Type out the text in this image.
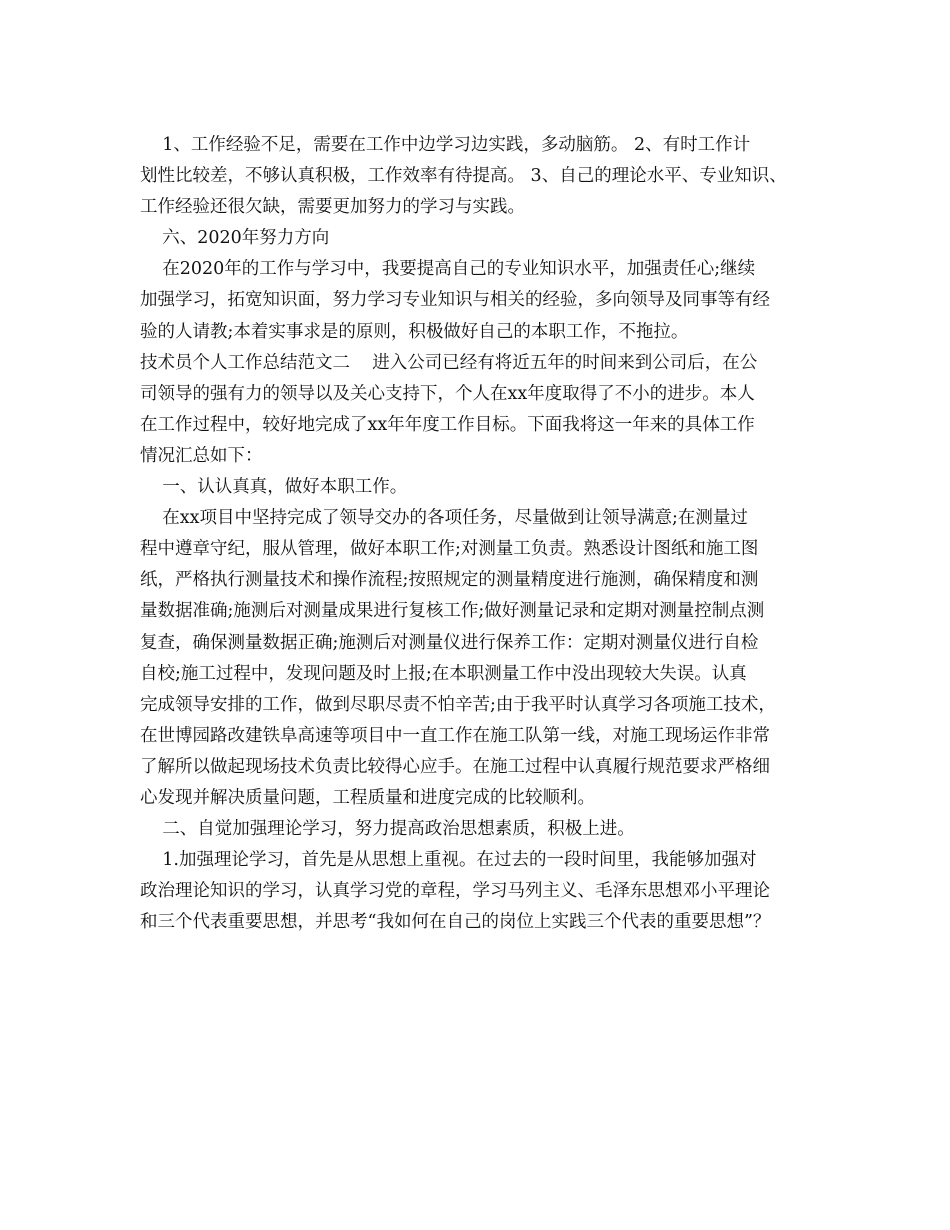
1、工作经验不足，需要在工作中边学习边实践，多动脑筋。 2、有时工作计

划性比较差，不够认真积极，工作效率有待提高。 3、自己的理论水平、专业知识、

工作经验还很欠缺，需要更加努力的学习与实践。

六、2020年努力方向

在2020年的工作与学习中，我要提高自己的专业知识水平，加强责任心;继续

加强学习，拓宽知识面，努力学习专业知识与相关的经验，多向领导及同事等有经

验的人请教;本着实事求是的原则，积极做好自己的本职工作，不拖拉。

技术员个人工作总结范文二    进入公司已经有将近五年的时间来到公司后，在公

司领导的强有力的领导以及关心支持下，个人在xx年度取得了不小的进步。本人

在工作过程中，较好地完成了xx年年度工作目标。下面我将这一年来的具体工作

情况汇总如下：

一、认认真真，做好本职工作。

在xx项目中坚持完成了领导交办的各项任务，尽量做到让领导满意;在测量过

程中遵章守纪，服从管理，做好本职工作;对测量工负责。熟悉设计图纸和施工图

纸，严格执行测量技术和操作流程;按照规定的测量精度进行施测，确保精度和测

量数据准确;施测后对测量成果进行复核工作;做好测量记录和定期对测量控制点测

复查，确保测量数据正确;施测后对测量仪进行保养工作：定期对测量仪进行自检

自校;施工过程中，发现问题及时上报;在本职测量工作中没出现较大失误。认真

完成领导安排的工作，做到尽职尽责不怕辛苦;由于我平时认真学习各项施工技术，

在世博园路改建铁阜高速等项目中一直工作在施工队第一线，对施工现场运作非常

了解所以做起现场技术负责比较得心应手。在施工过程中认真履行规范要求严格细

心发现并解决质量问题，工程质量和进度完成的比较顺利。

二、自觉加强理论学习，努力提高政治思想素质，积极上进。

1.加强理论学习，首先是从思想上重视。在过去的一段时间里，我能够加强对

政治理论知识的学习，认真学习党的章程，学习马列主义、毛泽东思想邓小平理论

和三个代表重要思想，并思考“我如何在自己的岗位上实践三个代表的重要思想”？
